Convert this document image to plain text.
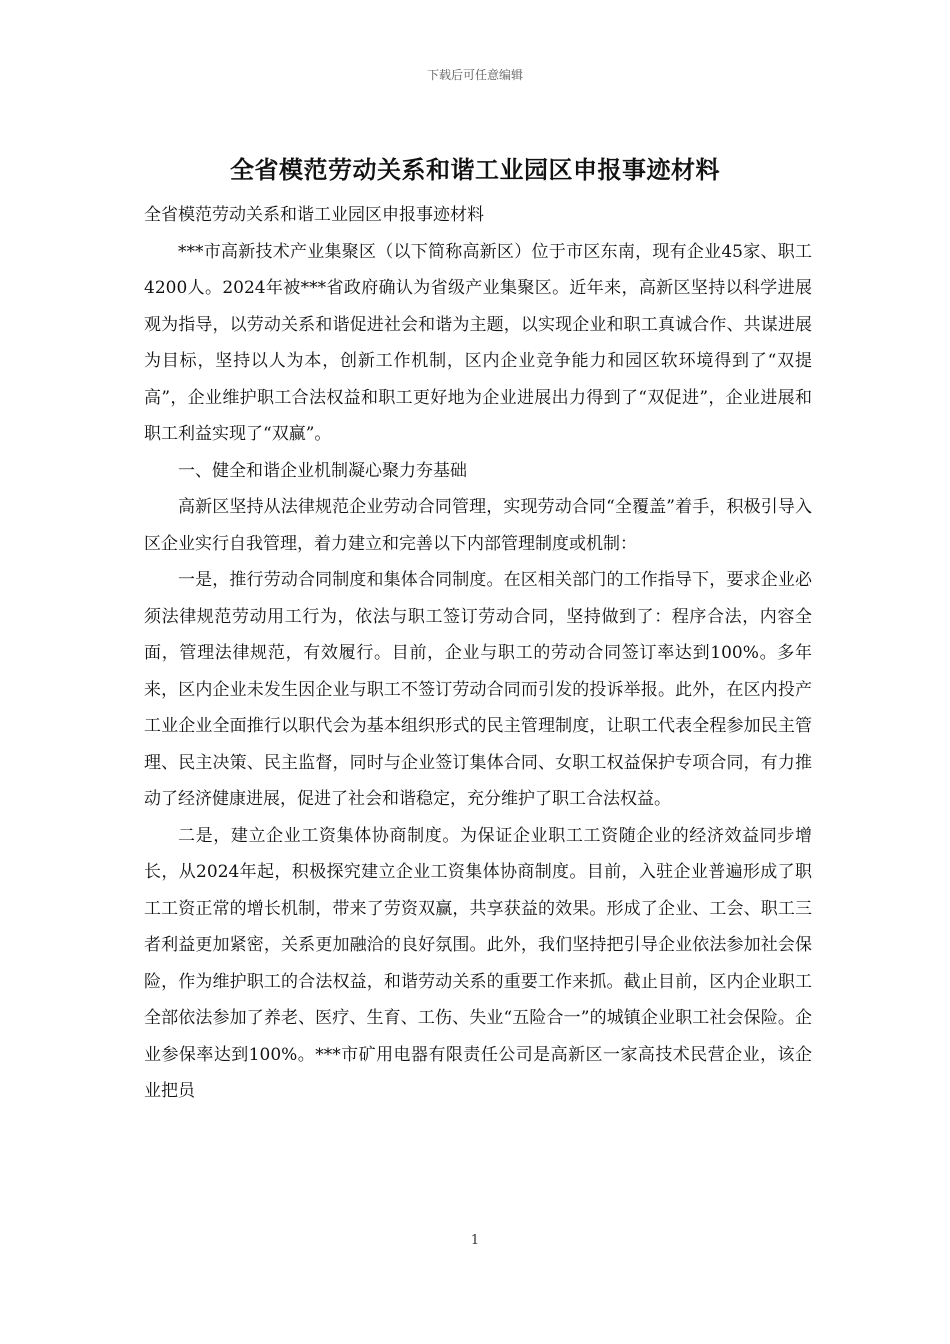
下载后可任意编辑
全省模范劳动关系和谐工业园区申报事迹材料

全省模范劳动关系和谐工业园区申报事迹材料

***市高新技术产业集聚区（以下简称高新区）位于市区东南，现有企业45家、职工4200人。2024年被***省政府确认为省级产业集聚区。近年来，高新区坚持以科学进展观为指导，以劳动关系和谐促进社会和谐为主题，以实现企业和职工真诚合作、共谋进展为目标，坚持以人为本，创新工作机制，区内企业竞争能力和园区软环境得到了“双提高”，企业维护职工合法权益和职工更好地为企业进展出力得到了“双促进”，企业进展和职工利益实现了“双赢”。

一、健全和谐企业机制凝心聚力夯基础

高新区坚持从法律规范企业劳动合同管理，实现劳动合同“全覆盖”着手，积极引导入区企业实行自我管理，着力建立和完善以下内部管理制度或机制：

一是，推行劳动合同制度和集体合同制度。在区相关部门的工作指导下，要求企业必须法律规范劳动用工行为，依法与职工签订劳动合同，坚持做到了：程序合法，内容全面，管理法律规范，有效履行。目前，企业与职工的劳动合同签订率达到100%。多年来，区内企业未发生因企业与职工不签订劳动合同而引发的投诉举报。此外，在区内投产工业企业全面推行以职代会为基本组织形式的民主管理制度，让职工代表全程参加民主管理、民主决策、民主监督，同时与企业签订集体合同、女职工权益保护专项合同，有力推动了经济健康进展，促进了社会和谐稳定，充分维护了职工合法权益。

二是，建立企业工资集体协商制度。为保证企业职工工资随企业的经济效益同步增长，从2024年起，积极探究建立企业工资集体协商制度。目前，入驻企业普遍形成了职工工资正常的增长机制，带来了劳资双赢，共享获益的效果。形成了企业、工会、职工三者利益更加紧密，关系更加融洽的良好氛围。此外，我们坚持把引导企业依法参加社会保险，作为维护职工的合法权益，和谐劳动关系的重要工作来抓。截止目前，区内企业职工全部依法参加了养老、医疗、生育、工伤、失业“五险合一”的城镇企业职工社会保险。企业参保率达到100%。***市矿用电器有限责任公司是高新区一家高技术民营企业，该企业把员

1
